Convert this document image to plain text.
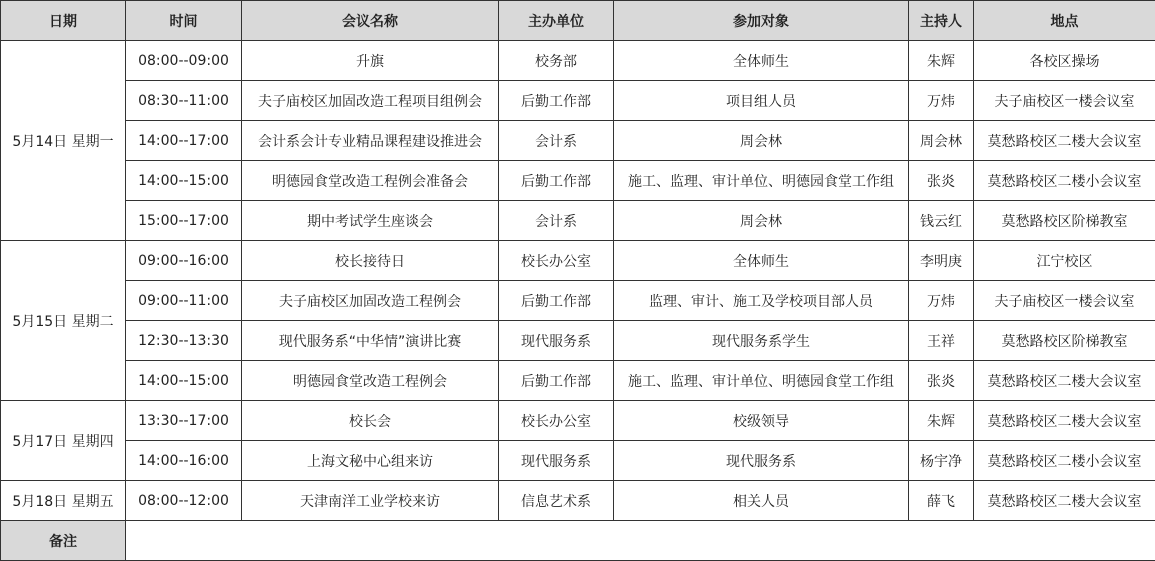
日期	时间	会议名称	主办单位	参加对象	主持人	地点
5月14日 星期一	08:00--09:00	升旗	校务部	全体师生	朱辉	各校区操场
	08:30--11:00	夫子庙校区加固改造工程项目组例会	后勤工作部	项目组人员	万炜	夫子庙校区一楼会议室
	14:00--17:00	会计系会计专业精品课程建设推进会	会计系	周会林	周会林	莫愁路校区二楼大会议室
	14:00--15:00	明德园食堂改造工程例会准备会	后勤工作部	施工、监理、审计单位、明德园食堂工作组	张炎	莫愁路校区二楼小会议室
	15:00--17:00	期中考试学生座谈会	会计系	周会林	钱云红	莫愁路校区阶梯教室
5月15日 星期二	09:00--16:00	校长接待日	校长办公室	全体师生	李明庚	江宁校区
	09:00--11:00	夫子庙校区加固改造工程例会	后勤工作部	监理、审计、施工及学校项目部人员	万炜	夫子庙校区一楼会议室
	12:30--13:30	现代服务系“中华情”演讲比赛	现代服务系	现代服务系学生	王祥	莫愁路校区阶梯教室
	14:00--15:00	明德园食堂改造工程例会	后勤工作部	施工、监理、审计单位、明德园食堂工作组	张炎	莫愁路校区二楼大会议室
5月17日 星期四	13:30--17:00	校长会	校长办公室	校级领导	朱辉	莫愁路校区二楼大会议室
	14:00--16:00	上海文秘中心组来访	现代服务系	现代服务系	杨宇净	莫愁路校区二楼小会议室
5月18日 星期五	08:00--12:00	天津南洋工业学校来访	信息艺术系	相关人员	薛飞	莫愁路校区二楼大会议室
备注						
